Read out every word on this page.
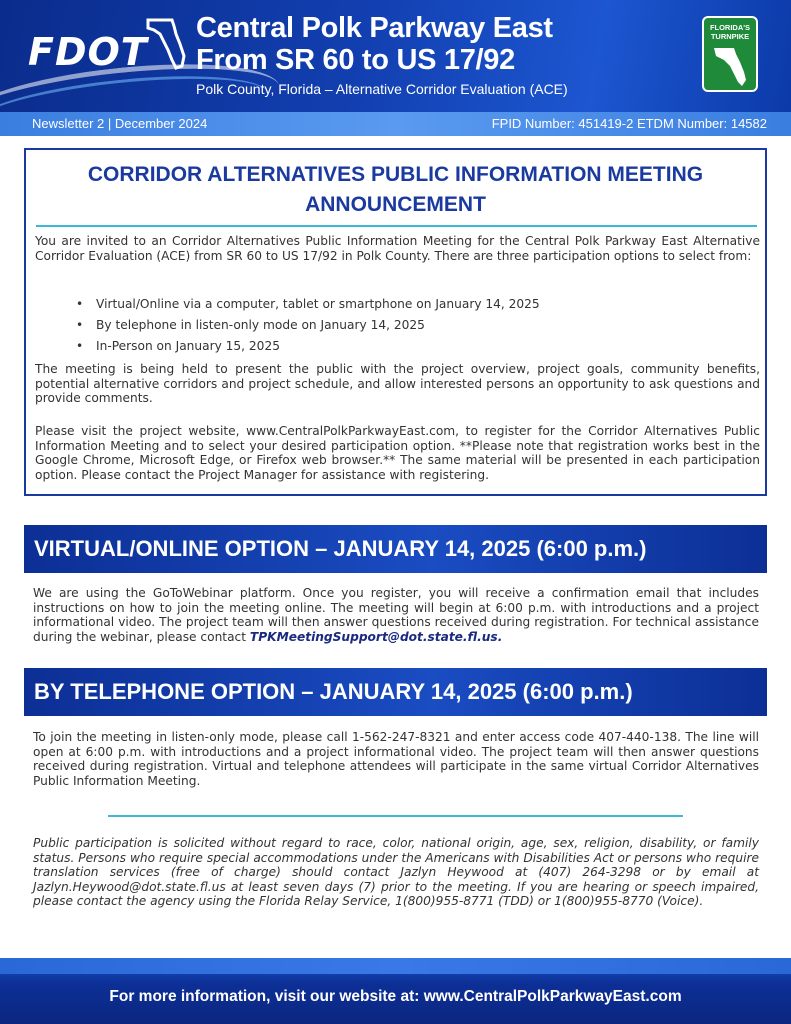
FDOT
Central Polk Parkway East
From SR 60 to US 17/92
Polk County, Florida – Alternative Corridor Evaluation (ACE)
FLORIDA'S TURNPIKE
Newsletter 2 | December 2024	FPID Number: 451419-2 ETDM Number: 14582
CORRIDOR ALTERNATIVES PUBLIC INFORMATION MEETING ANNOUNCEMENT

You are invited to an Corridor Alternatives Public Information Meeting for the Central Polk Parkway East Alternative Corridor Evaluation (ACE) from SR 60 to US 17/92 in Polk County. There are three participation options to select from:

• Virtual/Online via a computer, tablet or smartphone on January 14, 2025
• By telephone in listen-only mode on January 14, 2025
• In-Person on January 15, 2025

The meeting is being held to present the public with the project overview, project goals, community benefits, potential alternative corridors and project schedule, and allow interested persons an opportunity to ask questions and provide comments.

Please visit the project website, www.CentralPolkParkwayEast.com, to register for the Corridor Alternatives Public Information Meeting and to select your desired participation option. **Please note that registration works best in the Google Chrome, Microsoft Edge, or Firefox web browser.** The same material will be presented in each participation option. Please contact the Project Manager for assistance with registering.

VIRTUAL/ONLINE OPTION – JANUARY 14, 2025 (6:00 p.m.)

We are using the GoToWebinar platform. Once you register, you will receive a confirmation email that includes instructions on how to join the meeting online. The meeting will begin at 6:00 p.m. with introductions and a project informational video. The project team will then answer questions received during registration. For technical assistance during the webinar, please contact TPKMeetingSupport@dot.state.fl.us.

BY TELEPHONE OPTION – JANUARY 14, 2025 (6:00 p.m.)

To join the meeting in listen-only mode, please call 1-562-247-8321 and enter access code 407-440-138. The line will open at 6:00 p.m. with introductions and a project informational video. The project team will then answer questions received during registration. Virtual and telephone attendees will participate in the same virtual Corridor Alternatives Public Information Meeting.

Public participation is solicited without regard to race, color, national origin, age, sex, religion, disability, or family status. Persons who require special accommodations under the Americans with Disabilities Act or persons who require translation services (free of charge) should contact Jazlyn Heywood at (407) 264-3298 or by email at Jazlyn.Heywood@dot.state.fl.us at least seven days (7) prior to the meeting. If you are hearing or speech impaired, please contact the agency using the Florida Relay Service, 1(800)955-8771 (TDD) or 1(800)955-8770 (Voice).

For more information, visit our website at: www.CentralPolkParkwayEast.com
